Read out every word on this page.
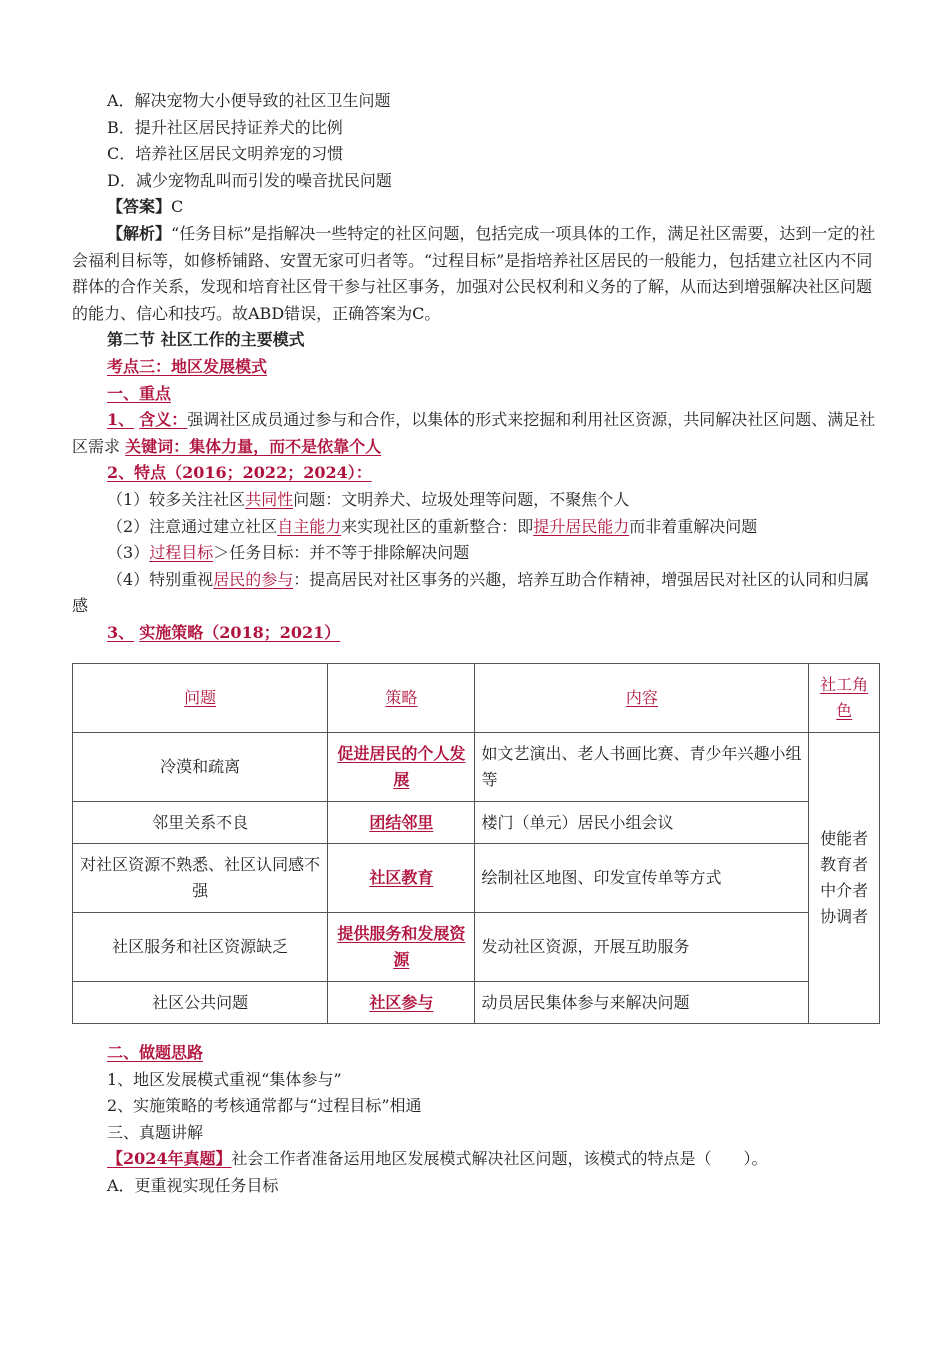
A．解决宠物大小便导致的社区卫生问题
B．提升社区居民持证养犬的比例
C．培养社区居民文明养宠的习惯
D．减少宠物乱叫而引发的噪音扰民问题
【答案】C
【解析】“任务目标”是指解决一些特定的社区问题，包括完成一项具体的工作，满足社区需要，达到一定的社会福利目标等，如修桥铺路、安置无家可归者等。“过程目标”是指培养社区居民的一般能力，包括建立社区内不同群体的合作关系，发现和培育社区骨干参与社区事务，加强对公民权利和义务的了解，从而达到增强解决社区问题的能力、信心和技巧。故ABD错误，正确答案为C。
第二节 社区工作的主要模式
考点三：地区发展模式
一、重点
1、 含义：强调社区成员通过参与和合作，以集体的形式来挖掘和利用社区资源，共同解决社区问题、满足社区需求 关键词：集体力量，而不是依靠个人
2、特点（2016；2022；2024）：
（1）较多关注社区共同性问题：文明养犬、垃圾处理等问题，不聚焦个人
（2）注意通过建立社区自主能力来实现社区的重新整合：即提升居民能力而非着重解决问题
（3）过程目标＞任务目标：并不等于排除解决问题
（4）特别重视居民的参与：提高居民对社区事务的兴趣，培养互助合作精神，增强居民对社区的认同和归属感
3、 实施策略（2018；2021）
问题	策略	内容	社工角色
冷漠和疏离	促进居民的个人发展	如文艺演出、老人书画比赛、青少年兴趣小组等	使能者教育者中介者协调者
邻里关系不良	团结邻里	楼门（单元）居民小组会议	
对社区资源不熟悉、社区认同感不强	社区教育	绘制社区地图、印发宣传单等方式	
社区服务和社区资源缺乏	提供服务和发展资源	发动社区资源，开展互助服务	
社区公共问题	社区参与	动员居民集体参与来解决问题	
二、做题思路
1、地区发展模式重视“集体参与”
2、实施策略的考核通常都与“过程目标”相通
三、真题讲解
【2024年真题】社会工作者准备运用地区发展模式解决社区问题，该模式的特点是（　　）。
A．更重视实现任务目标
